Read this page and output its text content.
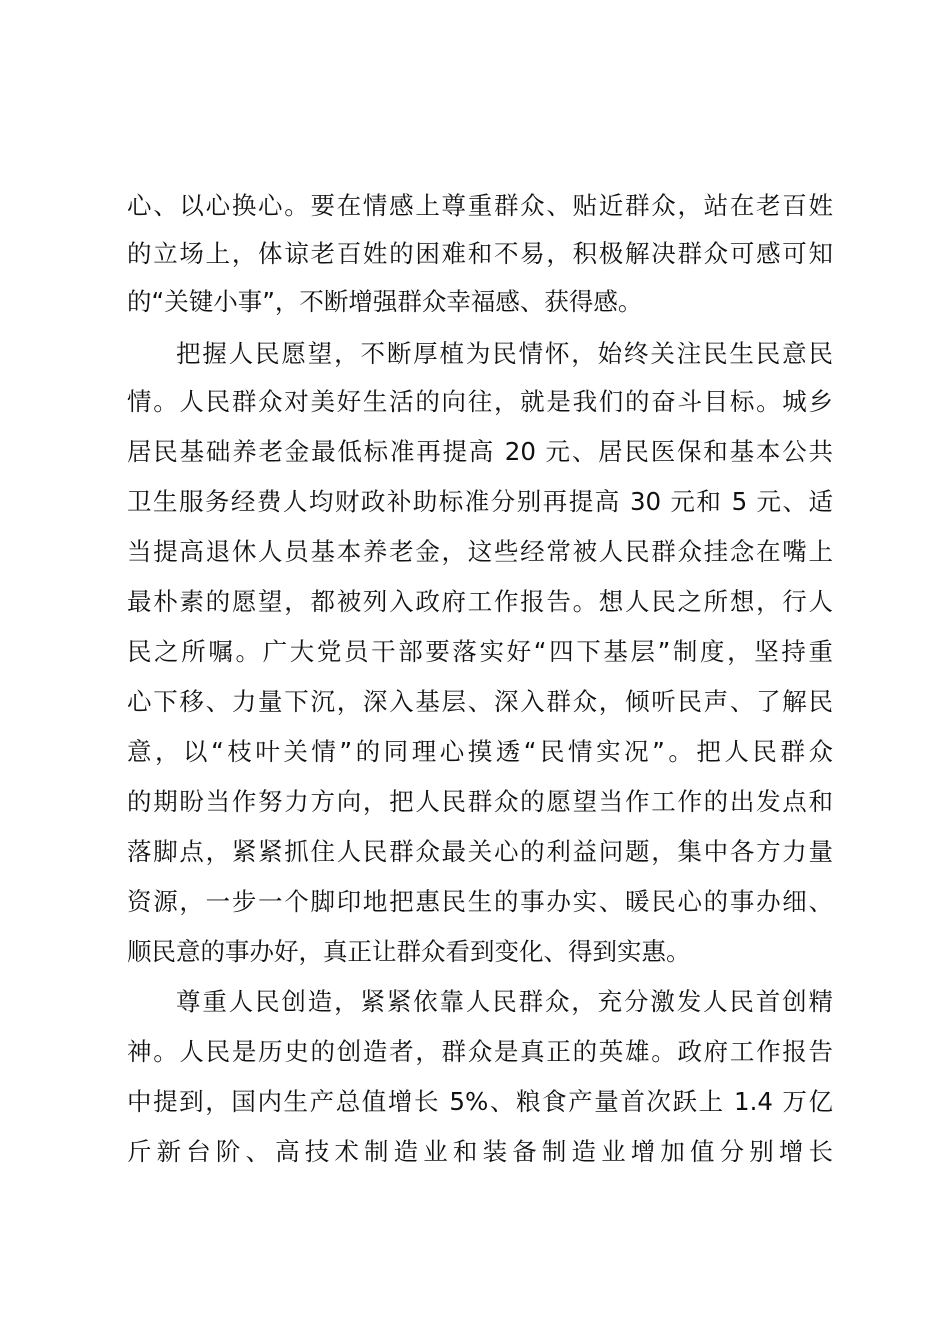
心、以心换心。要在情感上尊重群众、贴近群众，站在老百姓
的立场上，体谅老百姓的困难和不易，积极解决群众可感可知
的“关键小事”，不断增强群众幸福感、获得感。
把握人民愿望，不断厚植为民情怀，始终关注民生民意民
情。人民群众对美好生活的向往，就是我们的奋斗目标。城乡
居民基础养老金最低标准再提高 20 元、居民医保和基本公共
卫生服务经费人均财政补助标准分别再提高 30 元和 5 元、适
当提高退休人员基本养老金，这些经常被人民群众挂念在嘴上
最朴素的愿望，都被列入政府工作报告。想人民之所想，行人
民之所嘱。广大党员干部要落实好“四下基层”制度，坚持重
心下移、力量下沉，深入基层、深入群众，倾听民声、了解民
意，以“枝叶关情”的同理心摸透“民情实况”。把人民群众
的期盼当作努力方向，把人民群众的愿望当作工作的出发点和
落脚点，紧紧抓住人民群众最关心的利益问题，集中各方力量
资源，一步一个脚印地把惠民生的事办实、暖民心的事办细、
顺民意的事办好，真正让群众看到变化、得到实惠。
尊重人民创造，紧紧依靠人民群众，充分激发人民首创精
神。人民是历史的创造者，群众是真正的英雄。政府工作报告
中提到，国内生产总值增长 5%、粮食产量首次跃上 1.4 万亿
斤新台阶、高技术制造业和装备制造业增加值分别增长
